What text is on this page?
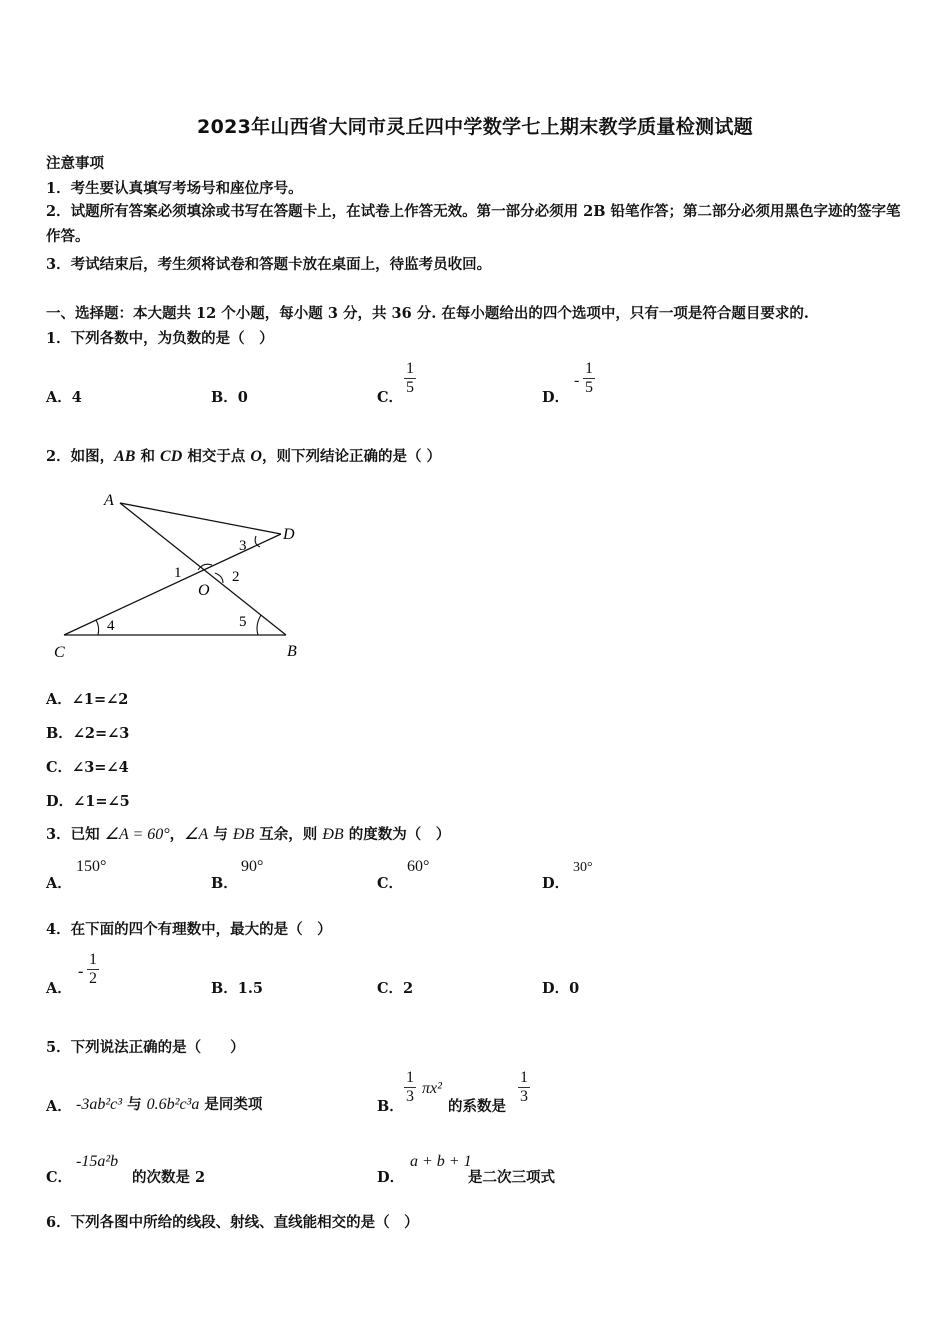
2023年山西省大同市灵丘四中学数学七上期末教学质量检测试题
注意事项
1．考生要认真填写考场号和座位序号。
2．试题所有答案必须填涂或书写在答题卡上，在试卷上作答无效。第一部分必须用 2B 铅笔作答；第二部分必须用黑色字迹的签字笔作答。
3．考试结束后，考生须将试卷和答题卡放在桌面上，待监考员收回。
一、选择题：本大题共 12 个小题，每小题 3 分，共 36 分. 在每小题给出的四个选项中，只有一项是符合题目要求的.
1．下列各数中，为负数的是（　）
A．4	B．0	C．
$\frac{1}{5}$
D．
- $\frac{1}{5}$
2．如图，AB 和 CD 相交于点 O，则下列结论正确的是（ ）
A
D
O
C	B
3
1	2
4	5
A．∠1=∠2
B．∠2=∠3
C．∠3=∠4
D．∠1=∠5
3．已知 ∠A = 60°，∠A 与 ÐB 互余，则 ÐB 的度数为（　）
A．
150°
B．
90°
C．
60°
D．
30°
4．在下面的四个有理数中，最大的是（　）
A．
- $\frac{1}{2}$
B．1.5	C．2	D．0
5．下列说法正确的是（　　）
A． -3ab²c³ 与 0.6b²c³a 是同类项	B．
$\frac{1}{3} \pi x^2$
的系数是
$\frac{1}{3}$
C．
-15a²b
的次数是 2	D．
a + b + 1
是二次三项式
6．下列各图中所给的线段、射线、直线能相交的是（　）
